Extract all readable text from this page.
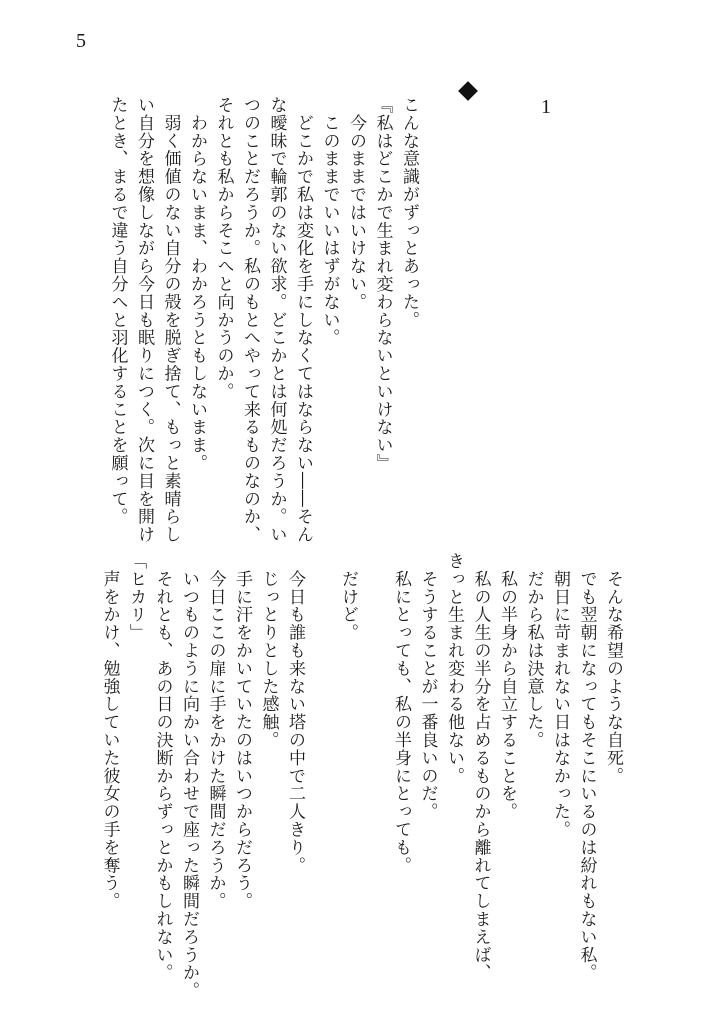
5
1
こんな意識がずっとあった。
『私はどこかで生まれ変わらないといけない』
　今のままではいけない。
　このままでいいはずがない。
　どこかで私は変化を手にしなくてはならない――そん
な曖昧で輪郭のない欲求。どこかとは何処だろうか。い
つのことだろうか。私のもとへやって来るものなのか、
それとも私からそこへと向かうのか。
　わからないまま、わかろうともしないまま。
　弱く価値のない自分の殻を脱ぎ捨て、もっと素晴らし
い自分を想像しながら今日も眠りにつく。次に目を開け
たとき、まるで違う自分へと羽化することを願って。
　そんな希望のような自死。
　でも翌朝になってもそこにいるのは紛れもない私。
　朝日に苛まれない日はなかった。
　だから私は決意した。
　私の半身から自立することを。
　私の人生の半分を占めるものから離れてしまえば、
きっと生まれ変わる他ない。
　そうすることが一番良いのだ。
　私にとっても、私の半身にとっても。
　だけど。
　今日も誰も来ない塔の中で二人きり。
　じっとりとした感触。
　手に汗をかいていたのはいつからだろう。
　今日ここの扉に手をかけた瞬間だろうか。
　いつものように向かい合わせで座った瞬間だろうか。
　それとも、あの日の決断からずっとかもしれない。
「ヒカリ」
　声をかけ、勉強していた彼女の手を奪う。
